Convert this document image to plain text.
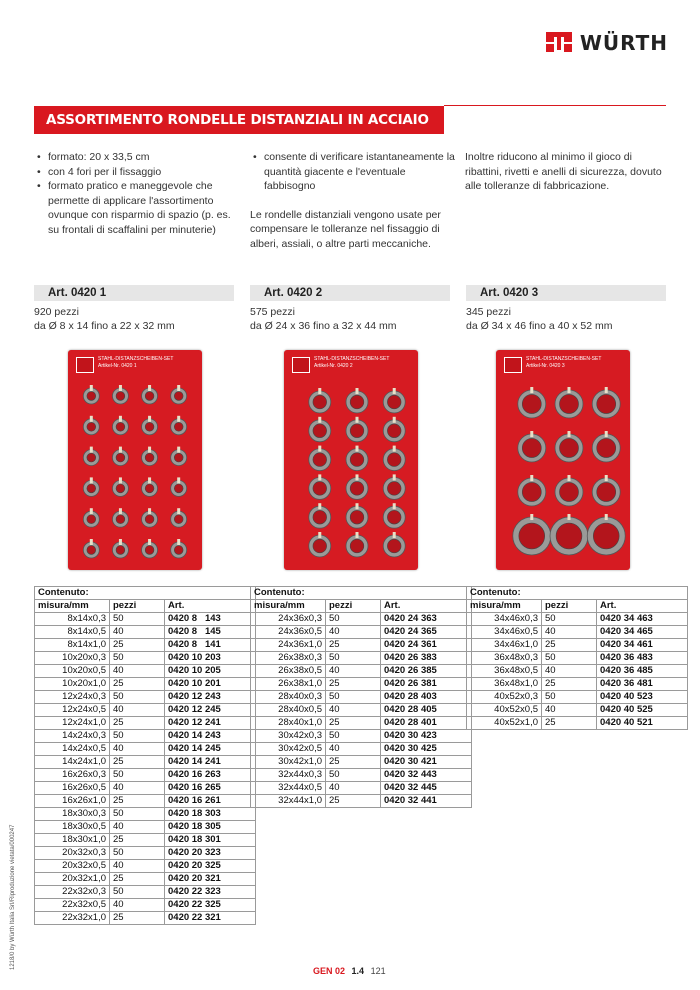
WÜRTH
ASSORTIMENTO RONDELLE DISTANZIALI IN ACCIAIO
• formato: 20 x 33,5 cm
• con 4 fori per il fissaggio
• formato pratico e maneggevole che permette di applicare l'assortimento ovunque con risparmio di spazio (p. es. su frontali di scaffalini per minuterie)
• consente di verificare istantaneamente la quantità giacente e l'eventuale fabbisogno

Le rondelle distanziali vengono usate per compensare le tolleranze nel fissaggio di alberi, assiali, o altre parti meccaniche.

Inoltre riducono al minimo il gioco di ribattini, rivetti e anelli di sicurezza, dovuto alle tolleranze di fabbricazione.

Art. 0420 1
920 pezzi
da Ø 8 x 14 fino a 22 x 32 mm
Art. 0420 2
575 pezzi
da Ø 24 x 36 fino a 32 x 44 mm
Art. 0420 3
345 pezzi
da Ø 34 x 46 fino a 40 x 52 mm
STAHL-DISTANZSCHEIBEN-SET
Artikel-Nr. 0420 1
STAHL-DISTANZSCHEIBEN-SET
Artikel-Nr. 0420 2
STAHL-DISTANZSCHEIBEN-SET
Artikel-Nr. 0420 3
Contenuto:		
misura/mm	pezzi	Art.
8x14x0,3	50	0420 8   143
8x14x0,5	40	0420 8   145
8x14x1,0	25	0420 8   141
10x20x0,3	50	0420 10 203
10x20x0,5	40	0420 10 205
10x20x1,0	25	0420 10 201
12x24x0,3	50	0420 12 243
12x24x0,5	40	0420 12 245
12x24x1,0	25	0420 12 241
14x24x0,3	50	0420 14 243
14x24x0,5	40	0420 14 245
14x24x1,0	25	0420 14 241
16x26x0,3	50	0420 16 263
16x26x0,5	40	0420 16 265
16x26x1,0	25	0420 16 261
18x30x0,3	50	0420 18 303
18x30x0,5	40	0420 18 305
18x30x1,0	25	0420 18 301
20x32x0,3	50	0420 20 323
20x32x0,5	40	0420 20 325
20x32x1,0	25	0420 20 321
22x32x0,3	50	0420 22 323
22x32x0,5	40	0420 22 325
22x32x1,0	25	0420 22 321
Contenuto:		
misura/mm	pezzi	Art.
24x36x0,3	50	0420 24 363
24x36x0,5	40	0420 24 365
24x36x1,0	25	0420 24 361
26x38x0,3	50	0420 26 383
26x38x0,5	40	0420 26 385
26x38x1,0	25	0420 26 381
28x40x0,3	50	0420 28 403
28x40x0,5	40	0420 28 405
28x40x1,0	25	0420 28 401
30x42x0,3	50	0420 30 423
30x42x0,5	40	0420 30 425
30x42x1,0	25	0420 30 421
32x44x0,3	50	0420 32 443
32x44x0,5	40	0420 32 445
32x44x1,0	25	0420 32 441
Contenuto:		
misura/mm	pezzi	Art.
34x46x0,3	50	0420 34 463
34x46x0,5	40	0420 34 465
34x46x1,0	25	0420 34 461
36x48x0,3	50	0420 36 483
36x48x0,5	40	0420 36 485
36x48x1,0	25	0420 36 481
40x52x0,3	50	0420 40 523
40x52x0,5	40	0420 40 525
40x52x1,0	25	0420 40 521
1218/0 by Würth Italia Srl/Riproduzione vietata/000247
GEN 02 1.4 121
